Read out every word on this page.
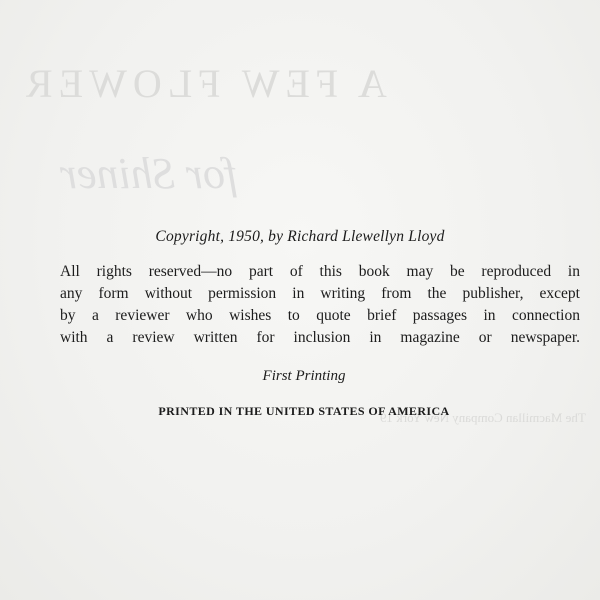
A FEW FLOWER
for Shiner
The Macmillan Company New York 19
Copyright, 1950, by Richard Llewellyn Lloyd
All rights reserved—no part of this book may be reproduced in
any form without permission in writing from the publisher, except
by a reviewer who wishes to quote brief passages in connection
with a review written for inclusion in magazine or newspaper.
First Printing
PRINTED IN THE UNITED STATES OF AMERICA
